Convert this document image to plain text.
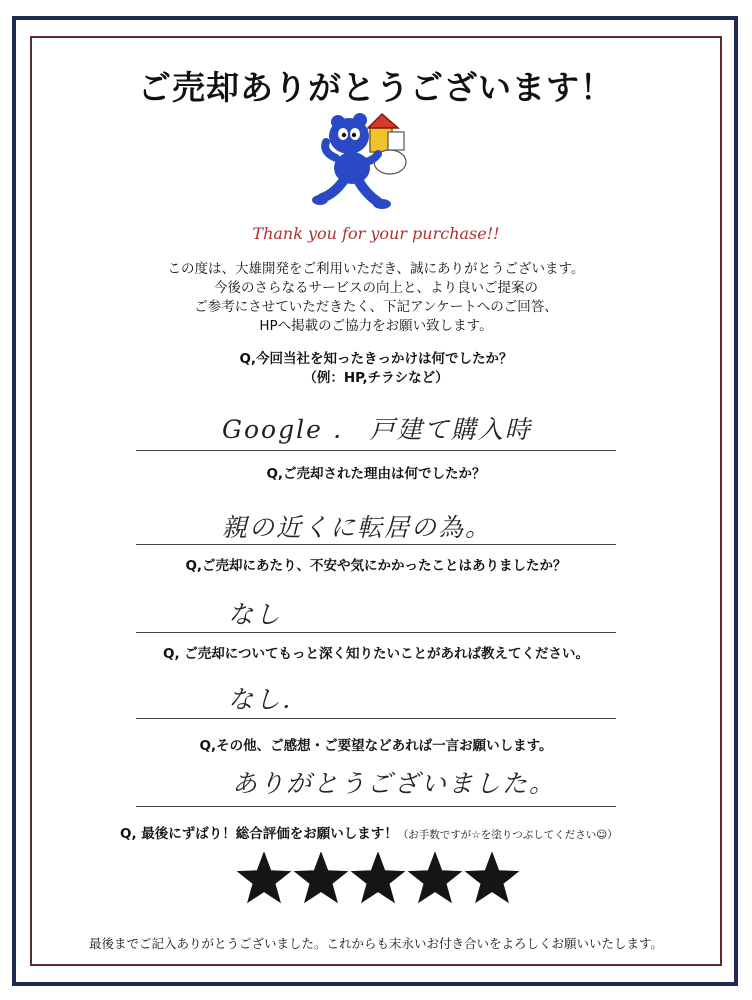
ご売却ありがとうございます！
Thank you for your purchase!!
この度は、大雄開発をご利用いただき、誠にありがとうございます。
今後のさらなるサービスの向上と、より良いご提案の
ご参考にさせていただきたく、下記アンケートへのご回答、
HPへ掲載のご協力をお願い致します。
Q,今回当社を知ったきっかけは何でしたか？
（例：HP,チラシなど）
Google ． 戸建て購入時
Q,ご売却された理由は何でしたか？
親の近くに転居の為。
Q,ご売却にあたり、不安や気にかかったことはありましたか？
なし
Q, ご売却についてもっと深く知りたいことがあれば教えてください。
なし．
Q,その他、ご感想・ご要望などあれば一言お願いします。
ありがとうございました。
Q, 最後にずばり！総合評価をお願いします！（お手数ですが☆を塗りつぶしてください☺）
最後までご記入ありがとうございました。これからも末永いお付き合いをよろしくお願いいたします。
